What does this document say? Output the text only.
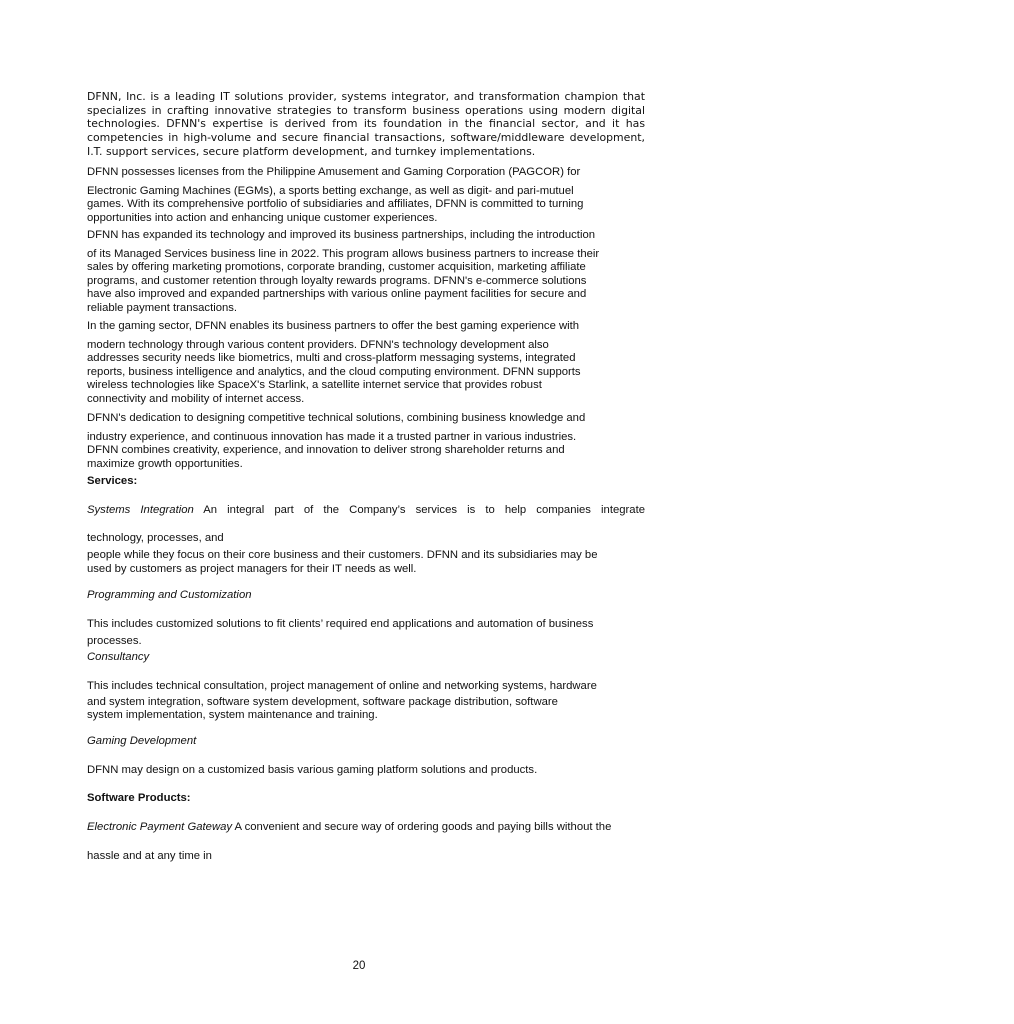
DFNN, Inc. is a leading IT solutions provider, systems integrator, and transformation champion that
specializes in crafting innovative strategies to transform business operations using modern digital
technologies. DFNN's expertise is derived from its foundation in the financial sector, and it has
competencies in high-volume and secure financial transactions, software/middleware development,
I.T. support services, secure platform development, and turnkey implementations.
DFNN possesses licenses from the Philippine Amusement and Gaming Corporation (PAGCOR) for
Electronic Gaming Machines (EGMs), a sports betting exchange, as well as digit- and pari-mutuel
games. With its comprehensive portfolio of subsidiaries and affiliates, DFNN is committed to turning
opportunities into action and enhancing unique customer experiences.
DFNN has expanded its technology and improved its business partnerships, including the introduction
of its Managed Services business line in 2022. This program allows business partners to increase their
sales by offering marketing promotions, corporate branding, customer acquisition, marketing affiliate
programs, and customer retention through loyalty rewards programs. DFNN's e-commerce solutions
have also improved and expanded partnerships with various online payment facilities for secure and
reliable payment transactions.
In the gaming sector, DFNN enables its business partners to offer the best gaming experience with
modern technology through various content providers. DFNN's technology development also
addresses security needs like biometrics, multi and cross-platform messaging systems, integrated
reports, business intelligence and analytics, and the cloud computing environment. DFNN supports
wireless technologies like SpaceX's Starlink, a satellite internet service that provides robust
connectivity and mobility of internet access.
DFNN's dedication to designing competitive technical solutions, combining business knowledge and
industry experience, and continuous innovation has made it a trusted partner in various industries.
DFNN combines creativity, experience, and innovation to deliver strong shareholder returns and
maximize growth opportunities.
Services:
Systems Integration An integral part of the Company’s services is to help companies integrate
technology, processes, and
people while they focus on their core business and their customers. DFNN and its subsidiaries may be
used by customers as project managers for their IT needs as well.
Programming and Customization
This includes customized solutions to fit clients’ required end applications and automation of business
processes.
Consultancy
This includes technical consultation, project management of online and networking systems, hardware
and system integration, software system development, software package distribution, software
system implementation, system maintenance and training.
Gaming Development
DFNN may design on a customized basis various gaming platform solutions and products.
Software Products:
Electronic Payment Gateway A convenient and secure way of ordering goods and paying bills without the
hassle and at any time in
20
